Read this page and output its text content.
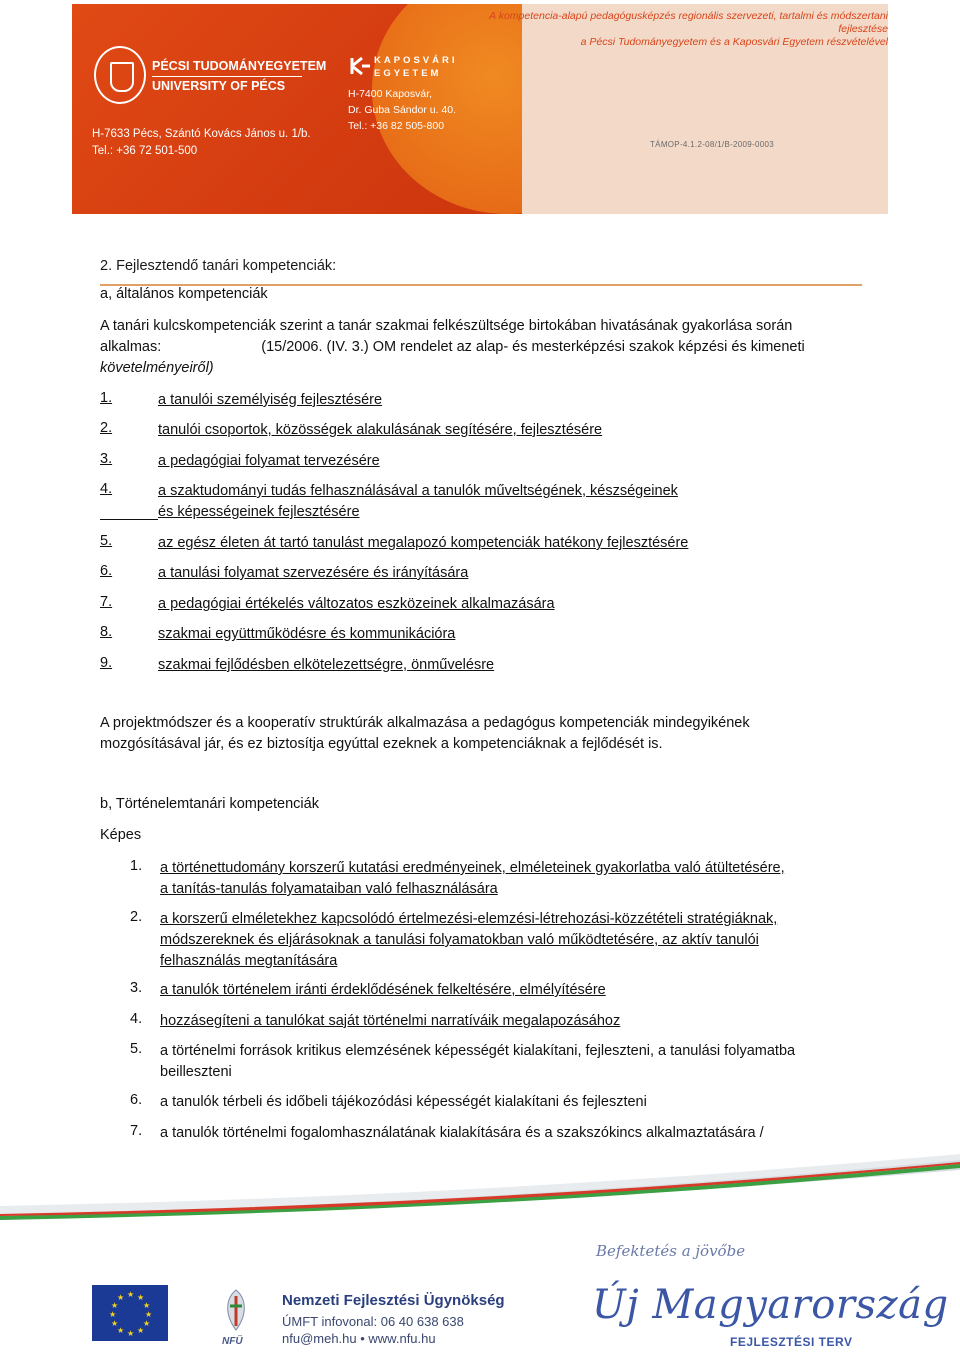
A kompetencia-alapú pedagógusképzés regionális szervezeti, tartalmi és módszertani fejlesztése
a Pécsi Tudományegyetem és a Kaposvári Egyetem részvételével
PÉCSI TUDOMÁNYEGYETEM
UNIVERSITY OF PÉCS
H-7633 Pécs, Szántó Kovács János u. 1/b.
Tel.: +36 72 501-500
KAPOSVÁRI
EGYETEM
H-7400 Kaposvár,
Dr. Guba Sándor u. 40.
Tel.: +36 82 505-800
TÁMOP-4.1.2-08/1/B-2009-0003
2. Fejlesztendő tanári kompetenciák:
a, általános kompetenciák
A tanári kulcskompetenciák szerint a tanár szakmai felkészültsége birtokában hivatásának gyakorlása során
alkalmas:	(15/2006. (IV. 3.) OM rendelet az alap- és mesterképzési szakok képzési és kimeneti
követelményeiről)
1.	a tanulói személyiség fejlesztésére
2.	tanulói csoportok, közösségek alakulásának segítésére, fejlesztésére
3.	a pedagógiai folyamat tervezésére
4.	a szaktudományi tudás felhasználásával a tanulók műveltségének, készségeinek
és képességeinek fejlesztésére
5.	az egész életen át tartó tanulást megalapozó kompetenciák hatékony fejlesztésére
6.	a tanulási folyamat szervezésére és irányítására
7.	a pedagógiai értékelés változatos eszközeinek alkalmazására
8.	szakmai együttműködésre és kommunikációra
9.	szakmai fejlődésben elkötelezettségre, önművelésre
A projektmódszer és a kooperatív struktúrák alkalmazása a pedagógus kompetenciák mindegyikének
mozgósításával jár, és ez biztosítja egyúttal ezeknek a kompetenciáknak a fejlődését is.
b, Történelemtanári kompetenciák
Képes
1. a történettudomány korszerű kutatási eredményeinek, elméleteinek gyakorlatba való átültetésére,
a tanítás-tanulás folyamataiban való felhasználására
2. a korszerű elméletekhez kapcsolódó értelmezési-elemzési-létrehozási-közzétételi stratégiáknak,
módszereknek és eljárásoknak a tanulási folyamatokban való működtetésére, az aktív tanulói
felhasználás megtanítására
3. a tanulók történelem iránti érdeklődésének felkeltésére, elmélyítésére
4. hozzásegíteni a tanulókat saját történelmi narratíváik megalapozásához
5. a történelmi források kritikus elemzésének képességét kialakítani, fejleszteni, a tanulási folyamatba
beilleszteni
6. a tanulók térbeli és időbeli tájékozódási képességét kialakítani és fejleszteni
7. a tanulók történelmi fogalomhasználatának kialakítására és a szakszókincs alkalmaztatására /
★ ★
★
★
★
★
★
★
★
★
★
★
NFÜ
Nemzeti Fejlesztési Ügynökség
ÚMFT infovonal: 06 40 638 638
nfu@meh.hu • www.nfu.hu
Befektetés a jövőbe
Új Magyarország
FEJLESZTÉSI TERV
